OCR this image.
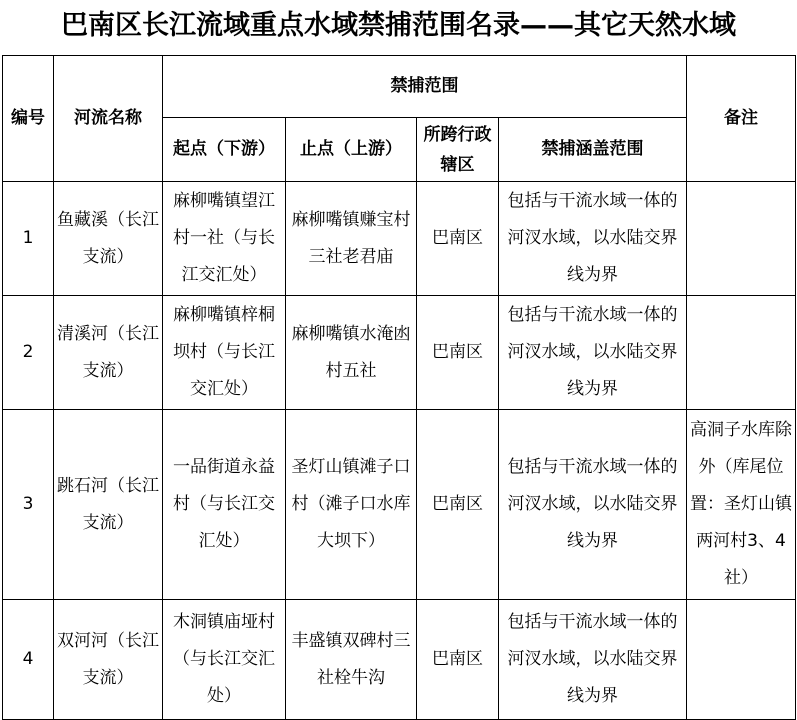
巴南区长江流域重点水域禁捕范围名录——其它天然水域
编号	河流名称	禁捕范围				备注
		起点（下游）	止点（上游）	所跨行政辖区	禁捕涵盖范围	
1	鱼藏溪（长江支流）	麻柳嘴镇望江村一社（与长江交汇处）	麻柳嘴镇赚宝村三社老君庙	巴南区	包括与干流水域一体的河汊水域，以水陆交界线为界	

2	清溪河（长江支流）	麻柳嘴镇梓桐坝村（与长江交汇处）	麻柳嘴镇水淹凼村五社	巴南区	包括与干流水域一体的河汊水域，以水陆交界线为界	

3	跳石河（长江支流）	一品街道永益村（与长江交汇处）	圣灯山镇滩子口村（滩子口水库大坝下）	巴南区	包括与干流水域一体的河汊水域，以水陆交界线为界	高洞子水库除外（库尾位置：圣灯山镇两河村3、4社）

4	双河河（长江支流）	木洞镇庙垭村（与长江交汇处）	丰盛镇双碑村三社栓牛沟	巴南区	包括与干流水域一体的河汊水域，以水陆交界线为界	
